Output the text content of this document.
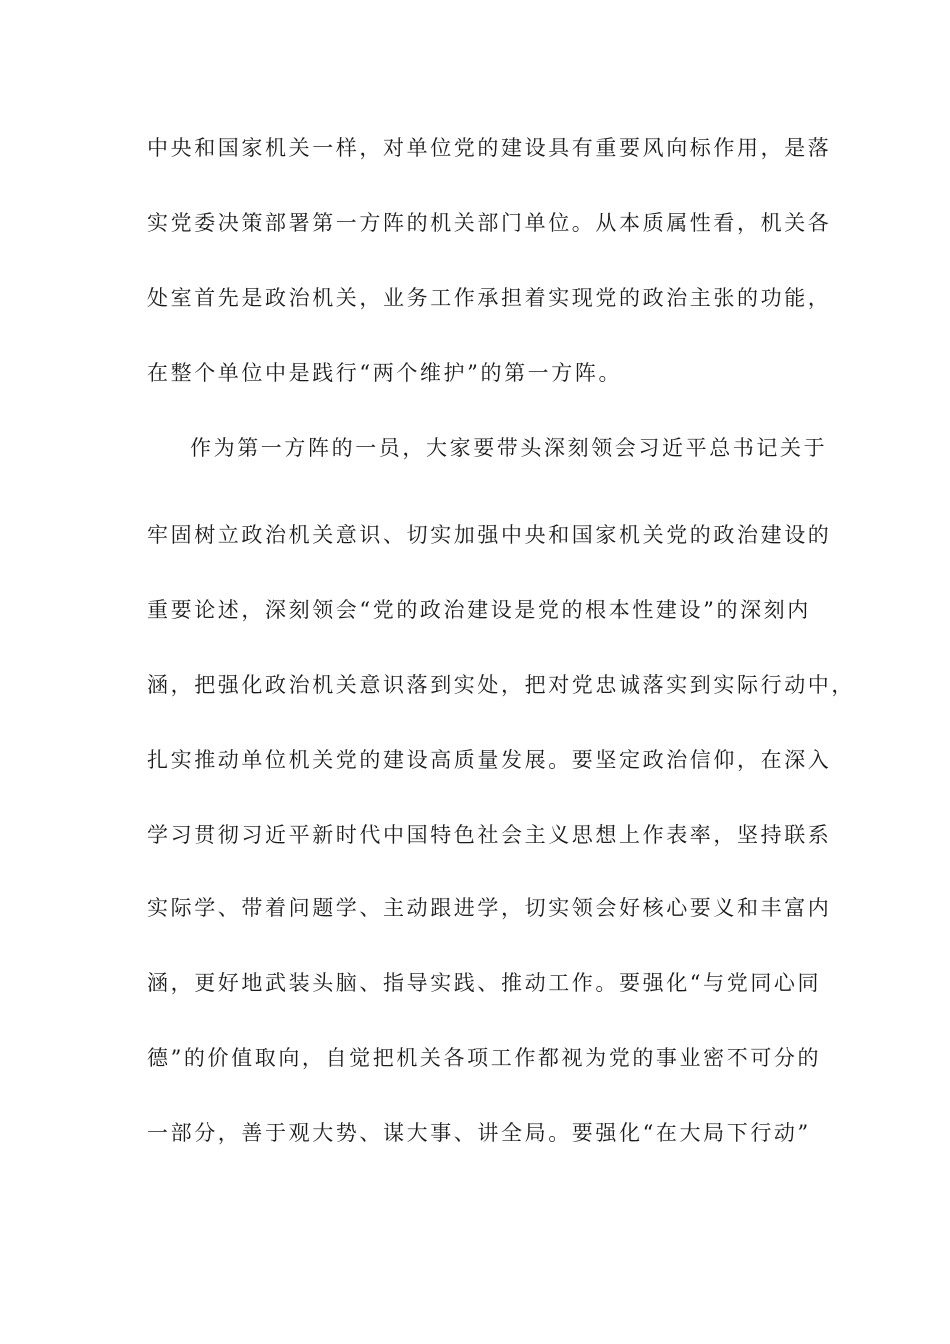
中央和国家机关一样，对单位党的建设具有重要风向标作用，是落
实党委决策部署第一方阵的机关部门单位。从本质属性看，机关各
处室首先是政治机关，业务工作承担着实现党的政治主张的功能，
在整个单位中是践行“两个维护”的第一方阵。
作为第一方阵的一员，大家要带头深刻领会习近平总书记关于
牢固树立政治机关意识、切实加强中央和国家机关党的政治建设的
重要论述，深刻领会“党的政治建设是党的根本性建设”的深刻内
涵，把强化政治机关意识落到实处，把对党忠诚落实到实际行动中，
扎实推动单位机关党的建设高质量发展。要坚定政治信仰，在深入
学习贯彻习近平新时代中国特色社会主义思想上作表率，坚持联系
实际学、带着问题学、主动跟进学，切实领会好核心要义和丰富内
涵，更好地武装头脑、指导实践、推动工作。要强化“与党同心同
德”的价值取向，自觉把机关各项工作都视为党的事业密不可分的
一部分，善于观大势、谋大事、讲全局。要强化“在大局下行动”
